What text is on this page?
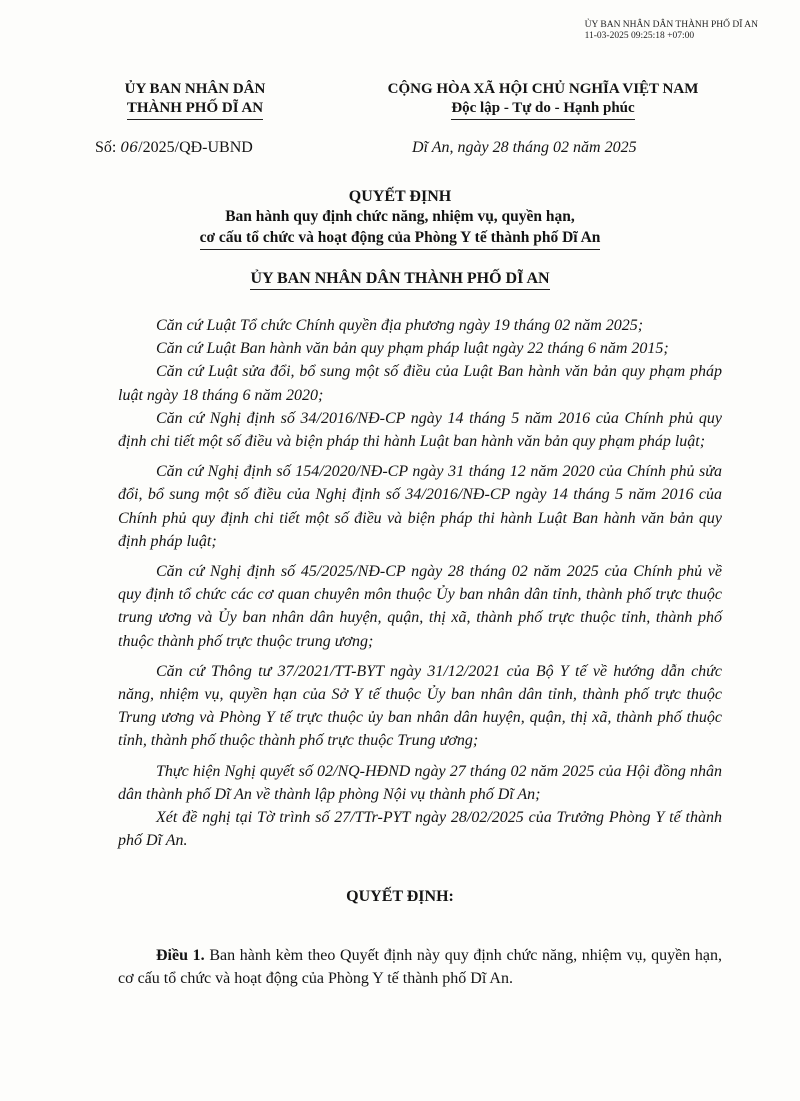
ỦY BAN NHÂN DÂN THÀNH PHỐ DĨ AN
11-03-2025 09:25:18 +07:00
ỦY BAN NHÂN DÂN
THÀNH PHỐ DĨ AN
CỘNG HÒA XÃ HỘI CHỦ NGHĨA VIỆT NAM
Độc lập - Tự do - Hạnh phúc
Số: 06/2025/QĐ-UBND	Dĩ An, ngày 28 tháng 02 năm 2025
QUYẾT ĐỊNH
Ban hành quy định chức năng, nhiệm vụ, quyền hạn,
cơ cấu tổ chức và hoạt động của Phòng Y tế thành phố Dĩ An
ỦY BAN NHÂN DÂN THÀNH PHỐ DĨ AN

Căn cứ Luật Tổ chức Chính quyền địa phương ngày 19 tháng 02 năm 2025;

Căn cứ Luật Ban hành văn bản quy phạm pháp luật ngày 22 tháng 6 năm 2015;

Căn cứ Luật sửa đổi, bổ sung một số điều của Luật Ban hành văn bản quy phạm pháp luật ngày 18 tháng 6 năm 2020;

Căn cứ Nghị định số 34/2016/NĐ-CP ngày 14 tháng 5 năm 2016 của Chính phủ quy định chi tiết một số điều và biện pháp thi hành Luật ban hành văn bản quy phạm pháp luật;

Căn cứ Nghị định số 154/2020/NĐ-CP ngày 31 tháng 12 năm 2020 của Chính phủ sửa đổi, bổ sung một số điều của Nghị định số 34/2016/NĐ-CP ngày 14 tháng 5 năm 2016 của Chính phủ quy định chi tiết một số điều và biện pháp thi hành Luật Ban hành văn bản quy định pháp luật;

Căn cứ Nghị định số 45/2025/NĐ-CP ngày 28 tháng 02 năm 2025 của Chính phủ về quy định tổ chức các cơ quan chuyên môn thuộc Ủy ban nhân dân tỉnh, thành phố trực thuộc trung ương và Ủy ban nhân dân huyện, quận, thị xã, thành phố trực thuộc tỉnh, thành phố thuộc thành phố trực thuộc trung ương;

Căn cứ Thông tư 37/2021/TT-BYT ngày 31/12/2021 của Bộ Y tế về hướng dẫn chức năng, nhiệm vụ, quyền hạn của Sở Y tế thuộc Ủy ban nhân dân tỉnh, thành phố trực thuộc Trung ương và Phòng Y tế trực thuộc ủy ban nhân dân huyện, quận, thị xã, thành phố thuộc tỉnh, thành phố thuộc thành phố trực thuộc Trung ương;

Thực hiện Nghị quyết số 02/NQ-HĐND ngày 27 tháng 02 năm 2025 của Hội đồng nhân dân thành phố Dĩ An về thành lập phòng Nội vụ thành phố Dĩ An;

Xét đề nghị tại Tờ trình số 27/TTr-PYT ngày 28/02/2025 của Trưởng Phòng Y tế thành phố Dĩ An.

QUYẾT ĐỊNH:

Điều 1. Ban hành kèm theo Quyết định này quy định chức năng, nhiệm vụ, quyền hạn, cơ cấu tổ chức và hoạt động của Phòng Y tế thành phố Dĩ An.
